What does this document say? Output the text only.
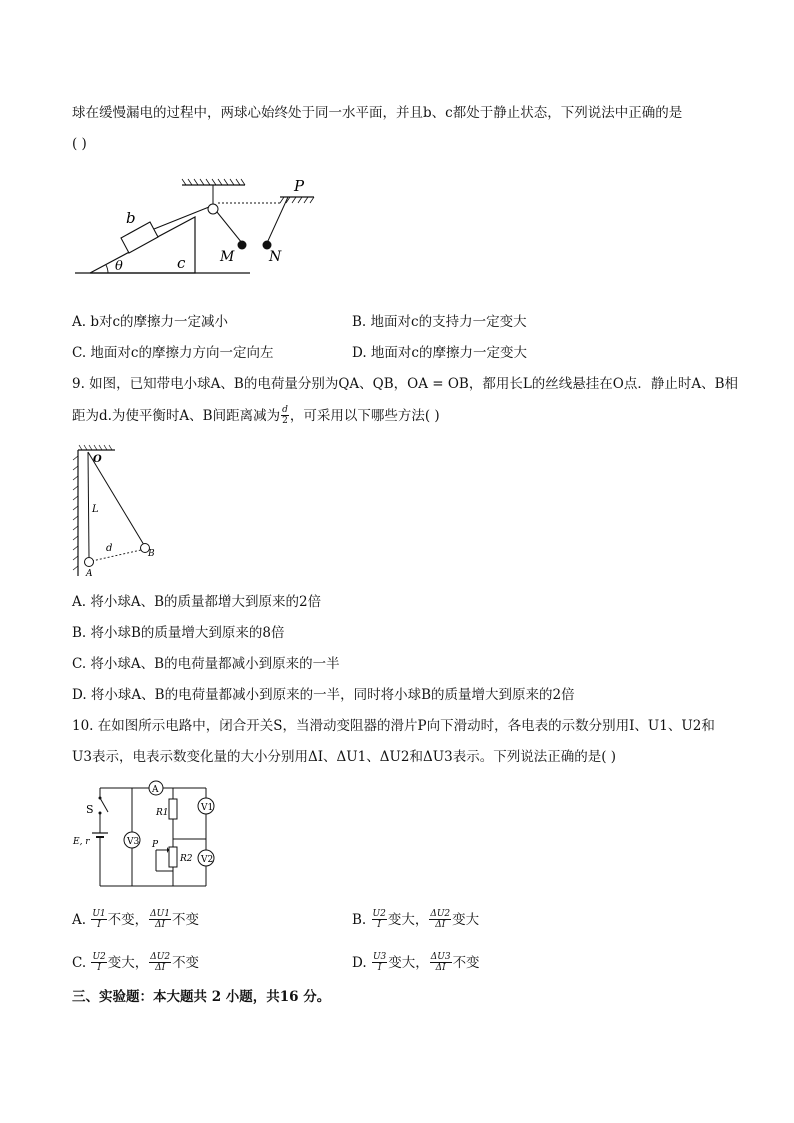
球在缓慢漏电的过程中，两球心始终处于同一水平面，并且b、c都处于静止状态，下列说法中正确的是
( )
θ
b
c M N
P
A. b对c的摩擦力一定减小	B. 地面对c的支持力一定变大
C. 地面对c的摩擦力方向一定向左	D. 地面对c的摩擦力一定变大
9. 如图，已知带电小球A、B的电荷量分别为QA、QB，OA = OB，都用长L的丝线悬挂在O点．静止时A、B相
距为d.为使平衡时A、B间距离减为 $\frac{d}{2}$ ，可采用以下哪些方法( )
O
L
d
A
B
A. 将小球A、B的质量都增大到原来的2倍
B. 将小球B的质量增大到原来的8倍
C. 将小球A、B的电荷量都减小到原来的一半
D. 将小球A、B的电荷量都减小到原来的一半，同时将小球B的质量增大到原来的2倍
10. 在如图所示电路中，闭合开关S，当滑动变阻器的滑片P向下滑动时，各电表的示数分别用I、U1、U2和
U3表示，电表示数变化量的大小分别用ΔI、ΔU1、ΔU2和ΔU3表示。下列说法正确的是( )
V3
A
V1
V2
S
E, r
R1
R2
P
A.
$\frac{U1}{I}$ 不变， $\frac{\Delta U1}{\Delta I}$ 不变	B.
$\frac{U2}{I}$ 变大， $\frac{\Delta U2}{\Delta I}$ 变大
C.
$\frac{U2}{I}$ 变大， $\frac{\Delta U2}{\Delta I}$ 不变	D.
$\frac{U3}{I}$ 变大， $\frac{\Delta U3}{\Delta I}$ 不变
三、实验题：本大题共 2 小题，共16 分。
